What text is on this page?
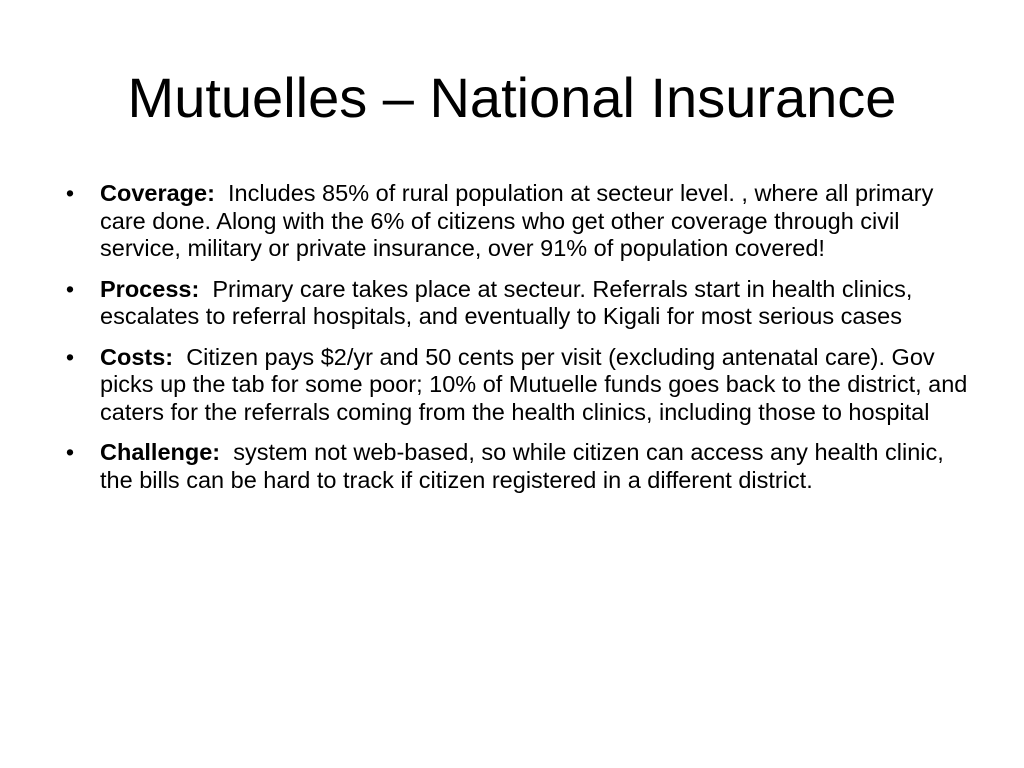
Mutuelles – National Insurance
• Coverage: Includes 85% of rural population at secteur level. , where all primary care done. Along with the 6% of citizens who get other coverage through civil service, military or private insurance, over 91% of population covered!
• Process: Primary care takes place at secteur. Referrals start in health clinics, escalates to referral hospitals, and eventually to Kigali for most serious cases
• Costs: Citizen pays $2/yr and 50 cents per visit (excluding antenatal care). Gov picks up the tab for some poor; 10% of Mutuelle funds goes back to the district, and caters for the referrals coming from the health clinics, including those to hospital
• Challenge: system not web-based, so while citizen can access any health clinic, the bills can be hard to track if citizen registered in a different district.
